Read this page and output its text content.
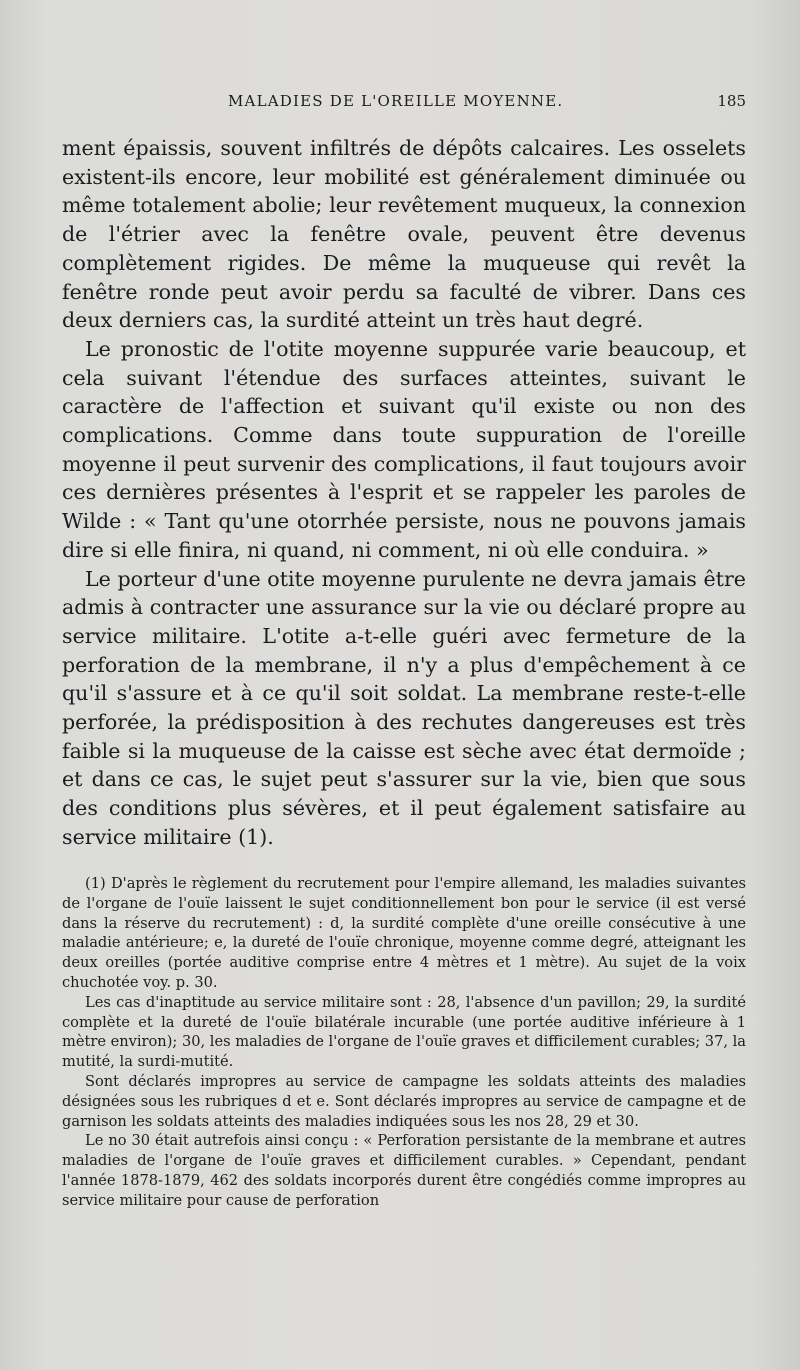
MALADIES DE L'OREILLE MOYENNE.	185

ment épaissis, souvent infiltrés de dépôts calcaires. Les osselets existent-ils encore, leur mobilité est généralement diminuée ou même totalement abolie; leur revêtement muqueux, la connexion de l'étrier avec la fenêtre ovale, peuvent être devenus complètement rigides. De même la muqueuse qui revêt la fenêtre ronde peut avoir perdu sa faculté de vibrer. Dans ces deux derniers cas, la surdité atteint un très haut degré.

Le pronostic de l'otite moyenne suppurée varie beaucoup, et cela suivant l'étendue des surfaces atteintes, suivant le caractère de l'affection et suivant qu'il existe ou non des complications. Comme dans toute suppuration de l'oreille moyenne il peut survenir des complications, il faut toujours avoir ces dernières présentes à l'esprit et se rappeler les paroles de Wilde : « Tant qu'une otorrhée persiste, nous ne pouvons jamais dire si elle finira, ni quand, ni comment, ni où elle conduira. »

Le porteur d'une otite moyenne purulente ne devra jamais être admis à contracter une assurance sur la vie ou déclaré propre au service militaire. L'otite a-t-elle guéri avec fermeture de la perforation de la membrane, il n'y a plus d'empêchement à ce qu'il s'assure et à ce qu'il soit soldat. La membrane reste-t-elle perforée, la prédisposition à des rechutes dangereuses est très faible si la muqueuse de la caisse est sèche avec état dermoïde ; et dans ce cas, le sujet peut s'assurer sur la vie, bien que sous des conditions plus sévères, et il peut également satisfaire au service militaire (1).

(1) D'après le règlement du recrutement pour l'empire allemand, les maladies suivantes de l'organe de l'ouïe laissent le sujet conditionnellement bon pour le service (il est versé dans la réserve du recrutement) : d, la surdité complète d'une oreille consécutive à une maladie antérieure; e, la dureté de l'ouïe chronique, moyenne comme degré, atteignant les deux oreilles (portée auditive comprise entre 4 mètres et 1 mètre). Au sujet de la voix chuchotée voy. p. 30.

Les cas d'inaptitude au service militaire sont : 28, l'absence d'un pavillon; 29, la surdité complète et la dureté de l'ouïe bilatérale incurable (une portée auditive inférieure à 1 mètre environ); 30, les maladies de l'organe de l'ouïe graves et difficilement curables; 37, la mutité, la surdi-mutité.

Sont déclarés impropres au service de campagne les soldats atteints des maladies désignées sous les rubriques d et e. Sont déclarés impropres au service de campagne et de garnison les soldats atteints des maladies indiquées sous les nos 28, 29 et 30.

Le no 30 était autrefois ainsi conçu : « Perforation persistante de la membrane et autres maladies de l'organe de l'ouïe graves et difficilement curables. » Cependant, pendant l'année 1878-1879, 462 des soldats incorporés durent être congédiés comme impropres au service militaire pour cause de perforation
